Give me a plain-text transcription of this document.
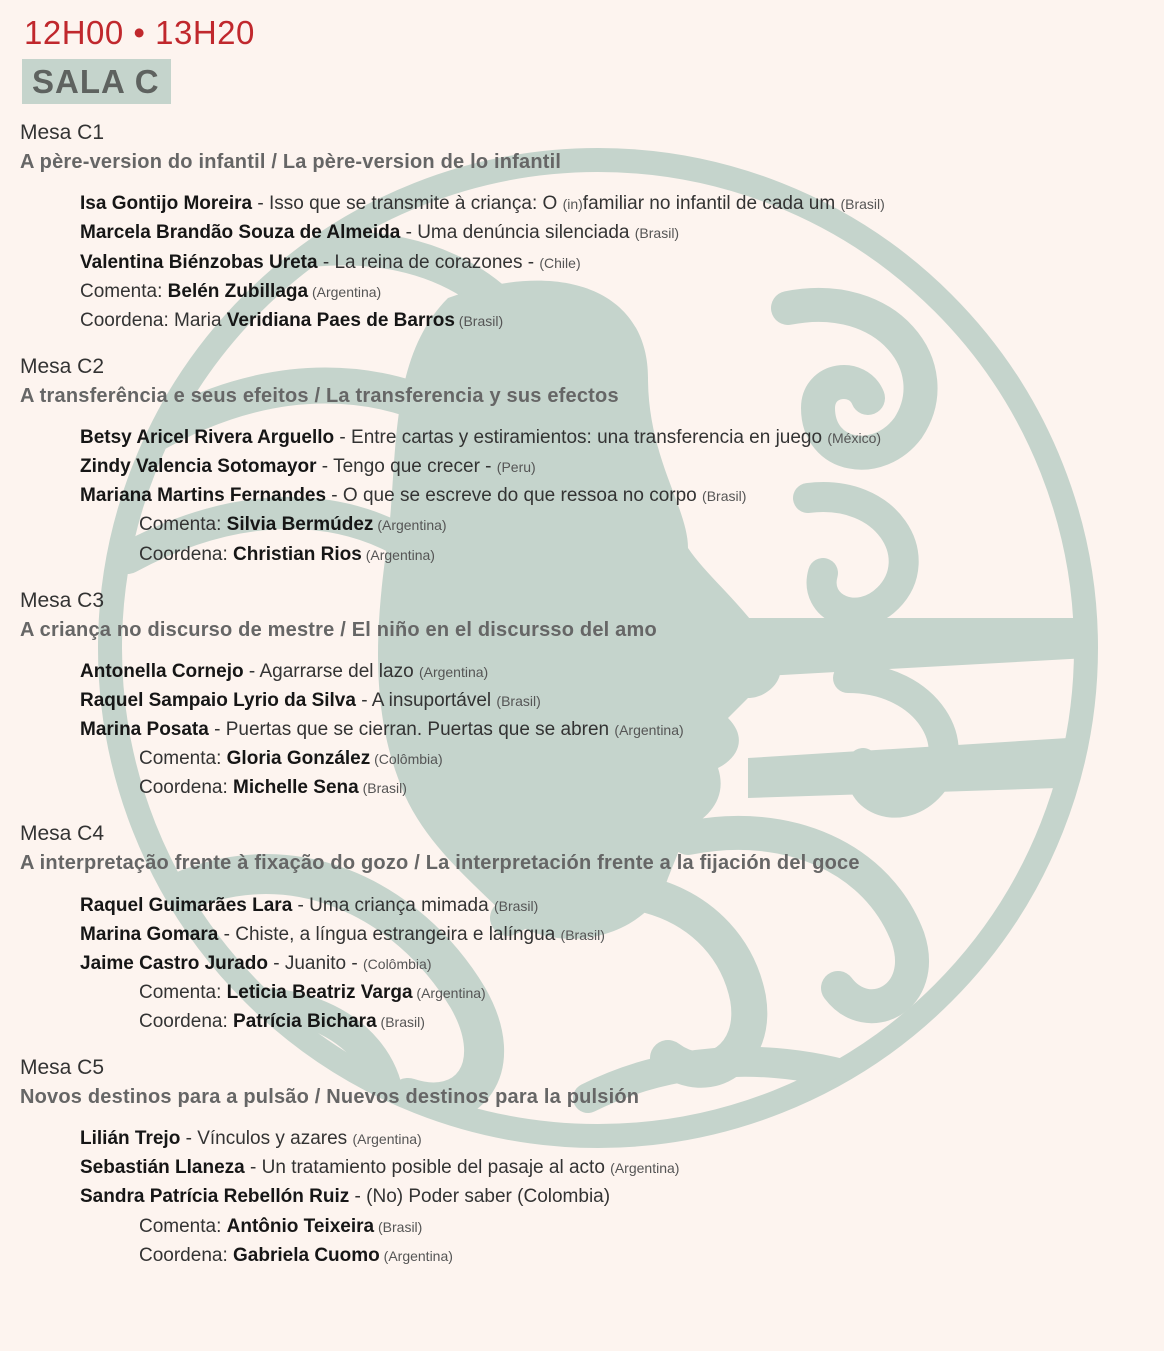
12H00 • 13H20
SALA C
Mesa C1
A père-version do infantil / La père-version de lo infantil
Isa Gontijo Moreira - Isso que se transmite à criança: O (in)familiar no infantil de cada um (Brasil)
Marcela Brandão Souza de Almeida - Uma denúncia silenciada (Brasil)
Valentina Biénzobas Ureta - La reina de corazones - (Chile)
Comenta: Belén Zubillaga (Argentina)
Coordena: Maria Veridiana Paes de Barros (Brasil)
Mesa C2
A transferência e seus efeitos / La transferencia y sus efectos
Betsy Aricel Rivera Arguello - Entre cartas y estiramientos: una transferencia en juego (México)
Zindy Valencia Sotomayor - Tengo que crecer - (Peru)
Mariana Martins Fernandes - O que se escreve do que ressoa no corpo (Brasil)
Comenta: Silvia Bermúdez (Argentina)
Coordena: Christian Rios (Argentina)
Mesa C3
A criança no discurso de mestre / El niño en el discursso del amo
Antonella Cornejo - Agarrarse del lazo (Argentina)
Raquel Sampaio Lyrio da Silva - A insuportável (Brasil)
Marina Posata - Puertas que se cierran. Puertas que se abren (Argentina)
Comenta: Gloria González (Colômbia)
Coordena: Michelle Sena (Brasil)
Mesa C4
A interpretação frente à fixação do gozo / La interpretación frente a la fijación del goce
Raquel Guimarães Lara - Uma criança mimada (Brasil)
Marina Gomara - Chiste, a língua estrangeira e lalíngua (Brasil)
Jaime Castro Jurado - Juanito - (Colômbia)
Comenta: Leticia Beatriz Varga (Argentina)
Coordena: Patrícia Bichara (Brasil)
Mesa C5
Novos destinos para a pulsão / Nuevos destinos para la pulsión
Lilián Trejo - Vínculos y azares (Argentina)
Sebastián Llaneza - Un tratamiento posible del pasaje al acto (Argentina)
Sandra Patrícia Rebellón Ruiz - (No) Poder saber (Colombia)
Comenta: Antônio Teixeira (Brasil)
Coordena: Gabriela Cuomo (Argentina)
